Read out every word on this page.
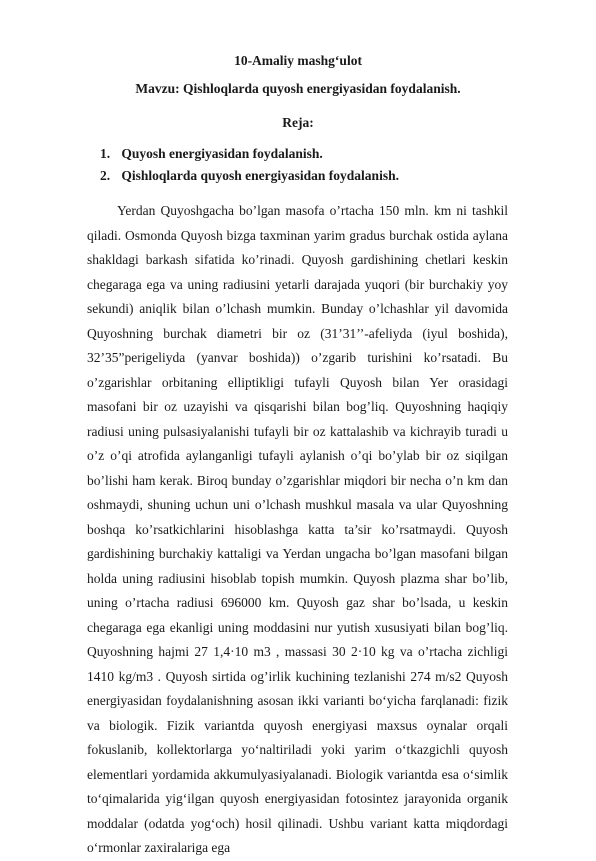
10-Amaliy mashg‘ulot
Mavzu: Qishloqlarda quyosh energiyasidan foydalanish.
Reja:
1. Quyosh energiyasidan foydalanish.
2. Qishloqlarda quyosh energiyasidan foydalanish.

Yerdan Quyoshgacha bo’lgan masofa o’rtacha 150 mln. km ni tashkil qiladi. Osmonda Quyosh bizga taxminan yarim gradus burchak ostida aylana shakldagi barkash sifatida ko’rinadi. Quyosh gardishining chetlari keskin chegaraga ega va uning radiusini yetarli darajada yuqori (bir burchakiy yoy sekundi) aniqlik bilan o’lchash mumkin. Bunday o’lchashlar yil davomida Quyoshning burchak diametri bir oz (31’31’’-afeliyda (iyul boshida), 32’35”perigeliyda (yanvar boshida)) o’zgarib turishini ko’rsatadi. Bu o’zgarishlar orbitaning elliptikligi tufayli Quyosh bilan Yer orasidagi masofani bir oz uzayishi va qisqarishi bilan bog’liq. Quyoshning haqiqiy radiusi uning pulsasiyalanishi tufayli bir oz kattalashib va kichrayib turadi u o’z o’qi atrofida aylanganligi tufayli aylanish o’qi bo’ylab bir oz siqilgan bo’lishi ham kerak. Biroq bunday o’zgarishlar miqdori bir necha o’n km dan oshmaydi, shuning uchun uni o’lchash mushkul masala va ular Quyoshning boshqa ko’rsatkichlarini hisoblashga katta ta’sir ko’rsatmaydi. Quyosh gardishining burchakiy kattaligi va Yerdan ungacha bo’lgan masofani bilgan holda uning radiusini hisoblab topish mumkin. Quyosh plazma shar bo’lib, uning o’rtacha radiusi 696000 km. Quyosh gaz shar bo’lsada, u keskin chegaraga ega ekanligi uning moddasini nur yutish xususiyati bilan bog’liq. Quyoshning hajmi 27 1,4·10 m3 , massasi 30 2·10 kg va o’rtacha zichligi 1410 kg/m3 . Quyosh sirtida og’irlik kuchining tezlanishi 274 m/s2 Quyosh energiyasidan foydalanishning asosan ikki varianti bo‘yicha farqlanadi: fizik va biologik. Fizik variantda quyosh energiyasi maxsus oynalar orqali fokuslanib, kollektorlarga yo‘naltiriladi yoki yarim o‘tkazgichli quyosh elementlari yordamida akkumulyasiyalanadi. Biologik variantda esa o‘simlik to‘qimalarida yig‘ilgan quyosh energiyasidan fotosintez jarayonida organik moddalar (odatda yog‘och) hosil qilinadi. Ushbu variant katta miqdordagi o‘rmonlar zaxiralariga ega
